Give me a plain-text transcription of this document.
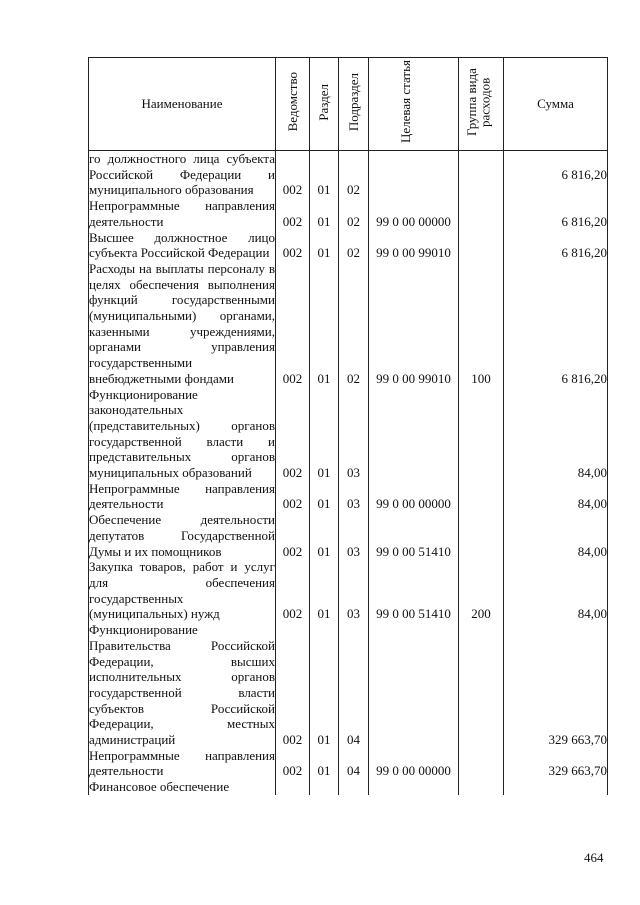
Наименование	Ведомство	Раздел	Подраздел	Целевая статья	Группа вида расходов	Сумма
го должностного лица субъекта Российской Федерации и муниципального образования	002	01	02			6 816,20
Непрограммные направления деятельности	002	01	02	99 0 00 00000		6 816,20
Высшее должностное лицо субъекта Российской Федерации	002	01	02	99 0 00 99010		6 816,20
Расходы на выплаты персоналу в целях обеспечения выполнения функций государственными (муниципальными) органами, казенными учреждениями, органами управления государственными внебюджетными фондами	002	01	02	99 0 00 99010	100	6 816,20
Функционирование законодательных (представительных) органов государственной власти и представительных органов муниципальных образований	002	01	03			84,00
Непрограммные направления деятельности	002	01	03	99 0 00 00000		84,00
Обеспечение деятельности депутатов Государственной Думы и их помощников	002	01	03	99 0 00 51410		84,00
Закупка товаров, работ и услуг для обеспечения государственных (муниципальных) нужд	002	01	03	99 0 00 51410	200	84,00
Функционирование Правительства Российской Федерации, высших исполнительных органов государственной власти субъектов Российской Федерации, местных администраций	002	01	04			329 663,70
Непрограммные направления деятельности	002	01	04	99 0 00 00000		329 663,70
Финансовое обеспечение						
464
